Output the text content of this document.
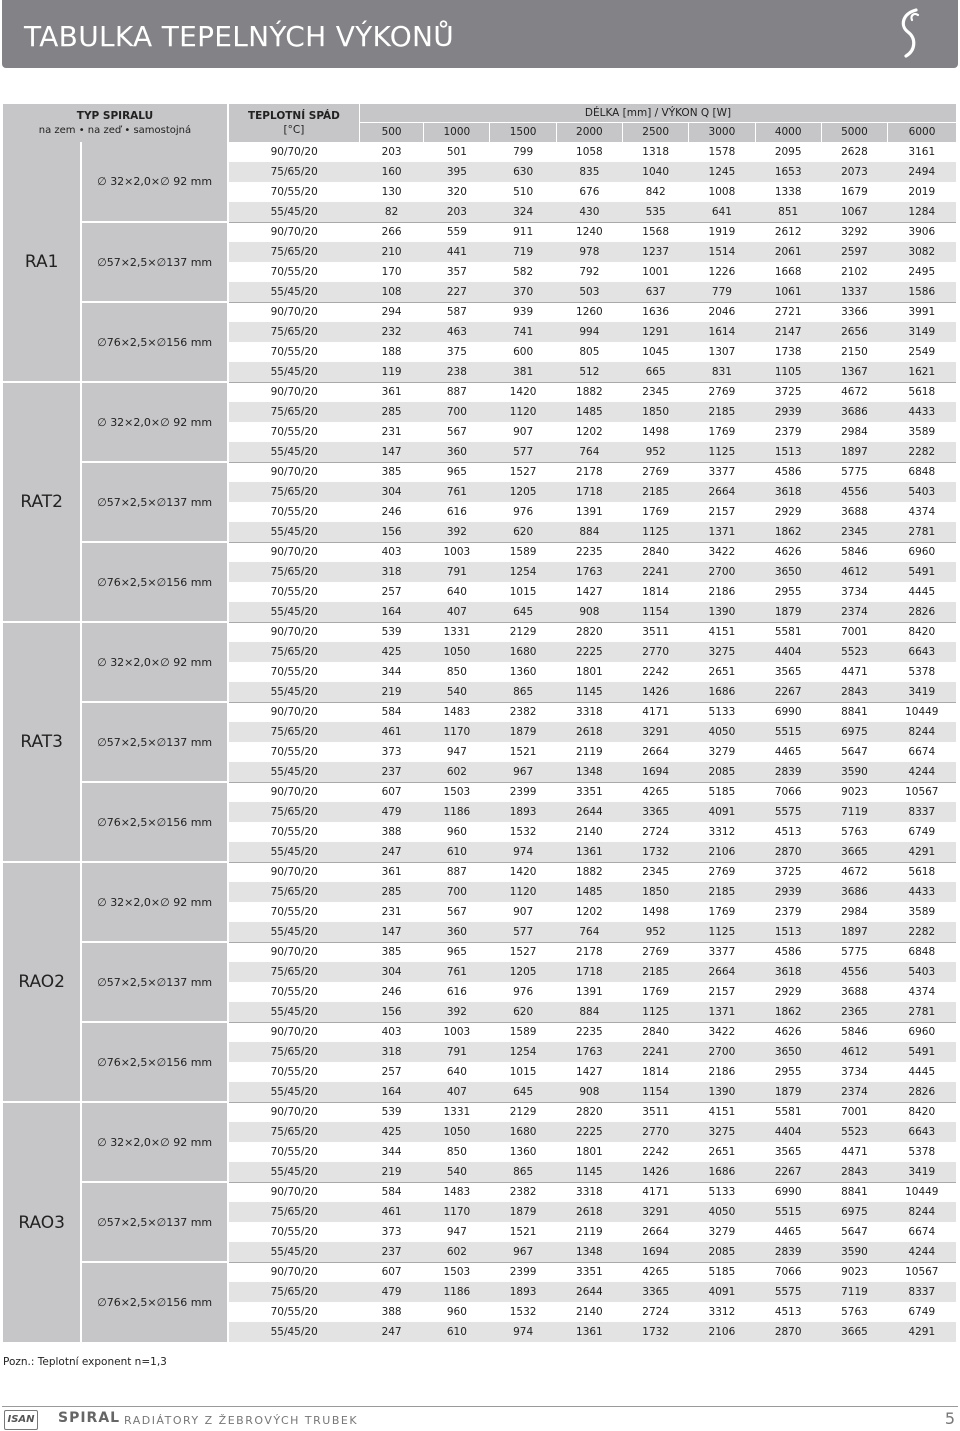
TABULKA TEPELNÝCH VÝKONŮ
TYP SPIRALU
na zem • na zeď • samostojná		TEPLOTNÍ SPÁD
[°C]	DÉLKA [mm] / VÝKON Q [W]								
			500	1000	1500	2000	2500	3000	4000	5000	6000
RA1	∅ 32×2,0×∅ 92 mm	90/70/20	203	501	799	1058	1318	1578	2095	2628	3161
		75/65/20	160	395	630	835	1040	1245	1653	2073	2494
		70/55/20	130	320	510	676	842	1008	1338	1679	2019
		55/45/20	82	203	324	430	535	641	851	1067	1284
	∅57×2,5×∅137 mm	90/70/20	266	559	911	1240	1568	1919	2612	3292	3906
		75/65/20	210	441	719	978	1237	1514	2061	2597	3082
		70/55/20	170	357	582	792	1001	1226	1668	2102	2495
		55/45/20	108	227	370	503	637	779	1061	1337	1586
	∅76×2,5×∅156 mm	90/70/20	294	587	939	1260	1636	2046	2721	3366	3991
		75/65/20	232	463	741	994	1291	1614	2147	2656	3149
		70/55/20	188	375	600	805	1045	1307	1738	2150	2549
		55/45/20	119	238	381	512	665	831	1105	1367	1621
RAT2	∅ 32×2,0×∅ 92 mm	90/70/20	361	887	1420	1882	2345	2769	3725	4672	5618
		75/65/20	285	700	1120	1485	1850	2185	2939	3686	4433
		70/55/20	231	567	907	1202	1498	1769	2379	2984	3589
		55/45/20	147	360	577	764	952	1125	1513	1897	2282
	∅57×2,5×∅137 mm	90/70/20	385	965	1527	2178	2769	3377	4586	5775	6848
		75/65/20	304	761	1205	1718	2185	2664	3618	4556	5403
		70/55/20	246	616	976	1391	1769	2157	2929	3688	4374
		55/45/20	156	392	620	884	1125	1371	1862	2345	2781
	∅76×2,5×∅156 mm	90/70/20	403	1003	1589	2235	2840	3422	4626	5846	6960
		75/65/20	318	791	1254	1763	2241	2700	3650	4612	5491
		70/55/20	257	640	1015	1427	1814	2186	2955	3734	4445
		55/45/20	164	407	645	908	1154	1390	1879	2374	2826
RAT3	∅ 32×2,0×∅ 92 mm	90/70/20	539	1331	2129	2820	3511	4151	5581	7001	8420
		75/65/20	425	1050	1680	2225	2770	3275	4404	5523	6643
		70/55/20	344	850	1360	1801	2242	2651	3565	4471	5378
		55/45/20	219	540	865	1145	1426	1686	2267	2843	3419
	∅57×2,5×∅137 mm	90/70/20	584	1483	2382	3318	4171	5133	6990	8841	10449
		75/65/20	461	1170	1879	2618	3291	4050	5515	6975	8244
		70/55/20	373	947	1521	2119	2664	3279	4465	5647	6674
		55/45/20	237	602	967	1348	1694	2085	2839	3590	4244
	∅76×2,5×∅156 mm	90/70/20	607	1503	2399	3351	4265	5185	7066	9023	10567
		75/65/20	479	1186	1893	2644	3365	4091	5575	7119	8337
		70/55/20	388	960	1532	2140	2724	3312	4513	5763	6749
		55/45/20	247	610	974	1361	1732	2106	2870	3665	4291
RAO2	∅ 32×2,0×∅ 92 mm	90/70/20	361	887	1420	1882	2345	2769	3725	4672	5618
		75/65/20	285	700	1120	1485	1850	2185	2939	3686	4433
		70/55/20	231	567	907	1202	1498	1769	2379	2984	3589
		55/45/20	147	360	577	764	952	1125	1513	1897	2282
	∅57×2,5×∅137 mm	90/70/20	385	965	1527	2178	2769	3377	4586	5775	6848
		75/65/20	304	761	1205	1718	2185	2664	3618	4556	5403
		70/55/20	246	616	976	1391	1769	2157	2929	3688	4374
		55/45/20	156	392	620	884	1125	1371	1862	2365	2781
	∅76×2,5×∅156 mm	90/70/20	403	1003	1589	2235	2840	3422	4626	5846	6960
		75/65/20	318	791	1254	1763	2241	2700	3650	4612	5491
		70/55/20	257	640	1015	1427	1814	2186	2955	3734	4445
		55/45/20	164	407	645	908	1154	1390	1879	2374	2826
RAO3	∅ 32×2,0×∅ 92 mm	90/70/20	539	1331	2129	2820	3511	4151	5581	7001	8420
		75/65/20	425	1050	1680	2225	2770	3275	4404	5523	6643
		70/55/20	344	850	1360	1801	2242	2651	3565	4471	5378
		55/45/20	219	540	865	1145	1426	1686	2267	2843	3419
	∅57×2,5×∅137 mm	90/70/20	584	1483	2382	3318	4171	5133	6990	8841	10449
		75/65/20	461	1170	1879	2618	3291	4050	5515	6975	8244
		70/55/20	373	947	1521	2119	2664	3279	4465	5647	6674
		55/45/20	237	602	967	1348	1694	2085	2839	3590	4244
	∅76×2,5×∅156 mm	90/70/20	607	1503	2399	3351	4265	5185	7066	9023	10567
		75/65/20	479	1186	1893	2644	3365	4091	5575	7119	8337
		70/55/20	388	960	1532	2140	2724	3312	4513	5763	6749
		55/45/20	247	610	974	1361	1732	2106	2870	3665	4291
Pozn.: Teplotní exponent n=1,3
ISAN SPIRAL RADIÁTORY Z ŽEBROVÝCH TRUBEK	5
